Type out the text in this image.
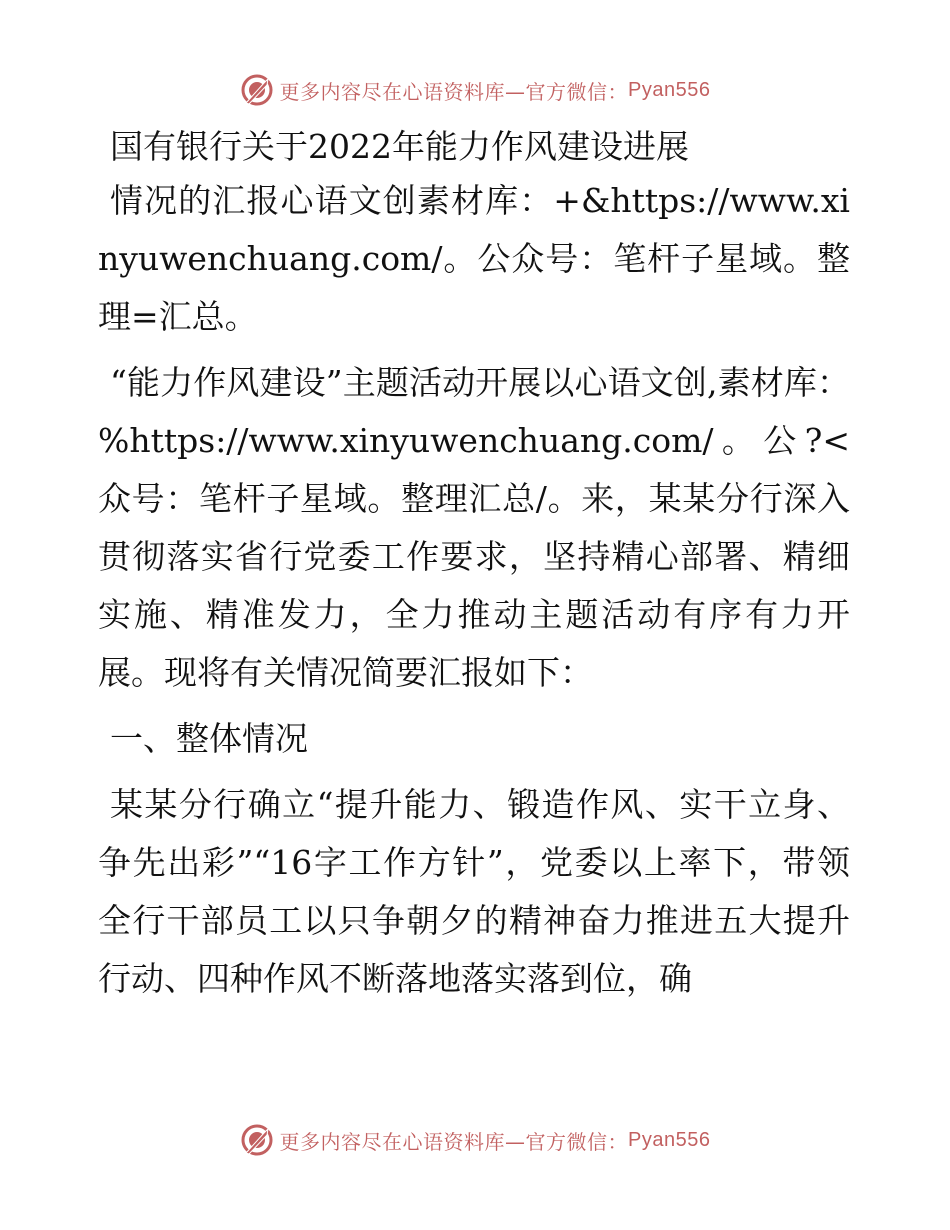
更多内容尽在心语资料库—官方微信： Pyan556

国有银行关于2022年能力作风建设进展

情况的汇报心语文创素材库：+&https://www.xinyuwenchuang.com/。公众号：笔杆子星域。整理=汇总。

“能力作风建设”主题活动开展以心语文创,素材库：%https://www.xinyuwenchuang.com/。公?<众号：笔杆子星域。整理汇总/。来，某某分行深入贯彻落实省行党委工作要求，坚持精心部署、精细实施、精准发力，全力推动主题活动有序有力开展。现将有关情况简要汇报如下：

一、整体情况

某某分行确立“提升能力、锻造作风、实干立身、争先出彩”“16字工作方针”，党委以上率下，带领全行干部员工以只争朝夕的精神奋力推进五大提升行动、四种作风不断落地落实落到位，确

更多内容尽在心语资料库—官方微信： Pyan556
